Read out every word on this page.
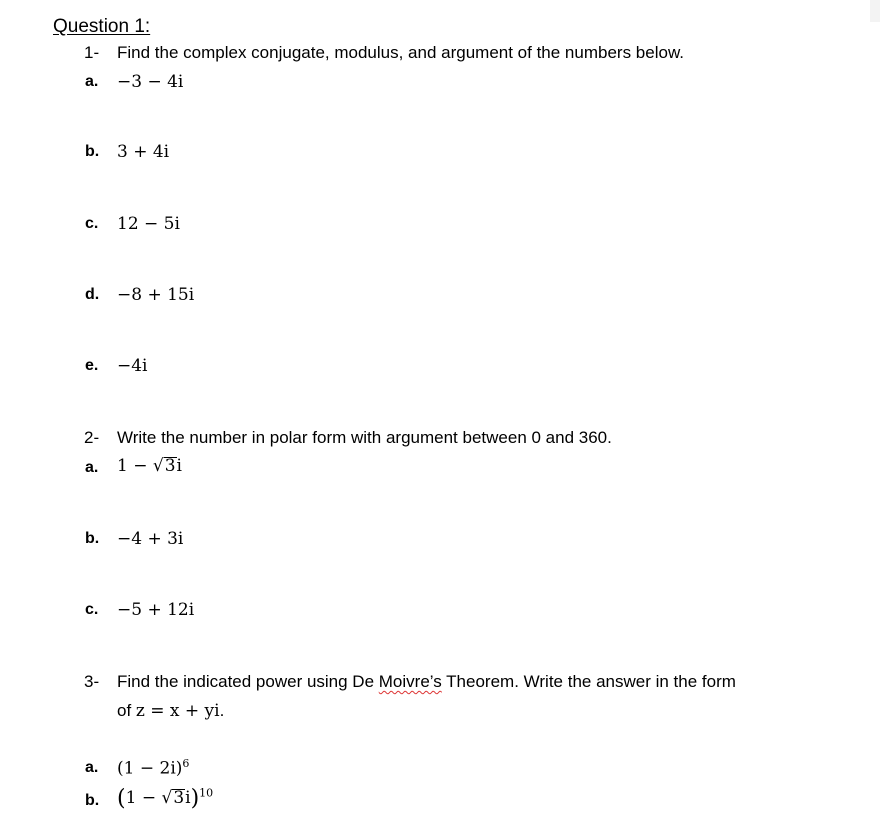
Question 1:
1- Find the complex conjugate, modulus, and argument of the numbers below.
a. −3 − 4i
b. 3 + 4i
c. 12 − 5i
d. −8 + 15i
e. −4i
2- Write the number in polar form with argument between 0 and 360.
a. 1 − √3i
b. −4 + 3i
c. −5 + 12i
3- Find the indicated power using De Moivre’s Theorem. Write the answer in the form
of z = x + yi.
a. $(1 - 2i)^6$
b. $(1 - √3i)^{10}$
